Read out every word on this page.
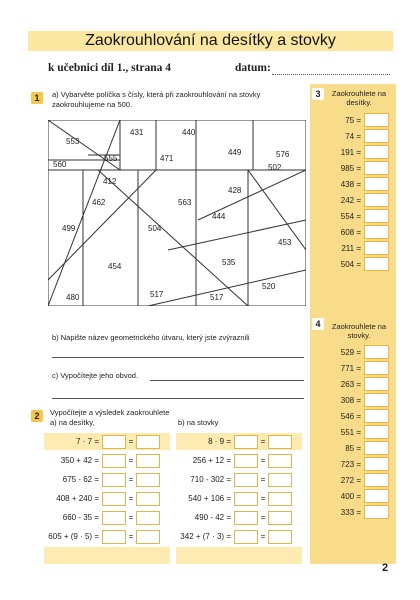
Zaokrouhlování na desítky a stovky
k učebnici díl 1., strana 4	datum:
1	a) Vybarvěte políčka s čísly, která při zaokrouhlování na stovky zaokrouhlujeme na 500.
553
555
431	440
471
449	576
560
412
462	563
428
502
444
499	504
453
454	535
520
480	517	517
b) Napište název geometrického útvaru, který jste zvýraznili
c) Vypočítejte jeho obvod.
2	Vypočítejte a výsledek zaokrouhlete
a) na desítky,	b) na stovky
7 · 7 =	=
350 + 42 =	=
675 - 62 =	=
408 + 240 =	=
660 - 35 =	=
605 + (9 · 5) =	=
8 · 9 =	=
256 + 12 =	=
710 - 302 =	=
540 + 106 =	=
490 - 42 =	=
342 + (7 · 3) =	=
3	Zaokrouhlete na desítky.
75 =
74 =
191 =
985 =
438 =
242 =
554 =
608 =
211 =
504 =
4	Zaokrouhlete na stovky.
529 =
771 =
263 =
308 =
546 =
551 =
85 =
723 =
272 =
400 =
333 =
2
